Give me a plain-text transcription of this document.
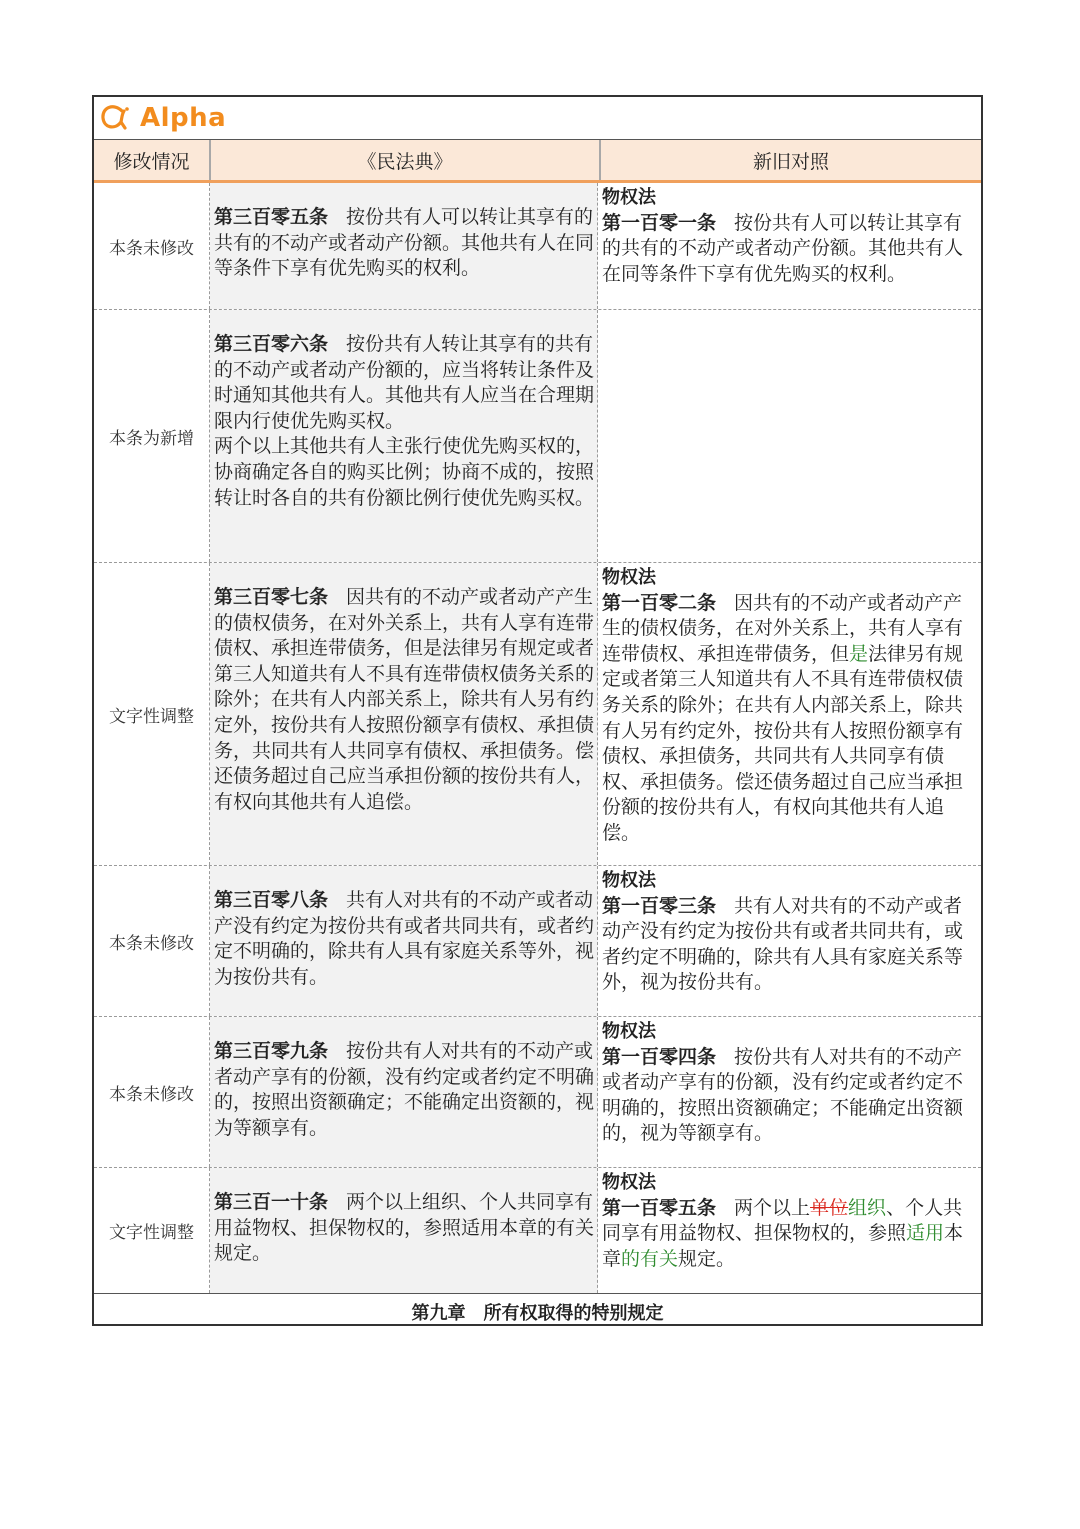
Alpha
修改情况	《民法典》	新旧对照
本条未修改

第三百零五条 按份共有人可以转让其享有的共有的不动产或者动产份额。其他共有人在同等条件下享有优先购买的权利。

物权法

第一百零一条 按份共有人可以转让其享有的共有的不动产或者动产份额。其他共有人在同等条件下享有优先购买的权利。

本条为新增

第三百零六条 按份共有人转让其享有的共有的不动产或者动产份额的，应当将转让条件及时通知其他共有人。其他共有人应当在合理期限内行使优先购买权。

两个以上其他共有人主张行使优先购买权的，协商确定各自的购买比例；协商不成的，按照转让时各自的共有份额比例行使优先购买权。

文字性调整

第三百零七条 因共有的不动产或者动产产生的债权债务，在对外关系上，共有人享有连带债权、承担连带债务，但是法律另有规定或者第三人知道共有人不具有连带债权债务关系的除外；在共有人内部关系上，除共有人另有约定外，按份共有人按照份额享有债权、承担债务，共同共有人共同享有债权、承担债务。偿还债务超过自己应当承担份额的按份共有人，有权向其他共有人追偿。

物权法

第一百零二条 因共有的不动产或者动产产生的债权债务，在对外关系上，共有人享有连带债权、承担连带债务，但是法律另有规定或者第三人知道共有人不具有连带债权债务关系的除外；在共有人内部关系上，除共有人另有约定外，按份共有人按照份额享有债权、承担债务，共同共有人共同享有债权、承担债务。偿还债务超过自己应当承担份额的按份共有人，有权向其他共有人追偿。

本条未修改

第三百零八条 共有人对共有的不动产或者动产没有约定为按份共有或者共同共有，或者约定不明确的，除共有人具有家庭关系等外，视为按份共有。

物权法

第一百零三条 共有人对共有的不动产或者动产没有约定为按份共有或者共同共有，或者约定不明确的，除共有人具有家庭关系等外，视为按份共有。

本条未修改

第三百零九条 按份共有人对共有的不动产或者动产享有的份额，没有约定或者约定不明确的，按照出资额确定；不能确定出资额的，视为等额享有。

物权法

第一百零四条 按份共有人对共有的不动产或者动产享有的份额，没有约定或者约定不明确的，按照出资额确定；不能确定出资额的，视为等额享有。

文字性调整

第三百一十条 两个以上组织、个人共同享有用益物权、担保物权的，参照适用本章的有关规定。

物权法

第一百零五条 两个以上单位组织、个人共同享有用益物权、担保物权的，参照适用本章的有关规定。

第九章　所有权取得的特别规定
